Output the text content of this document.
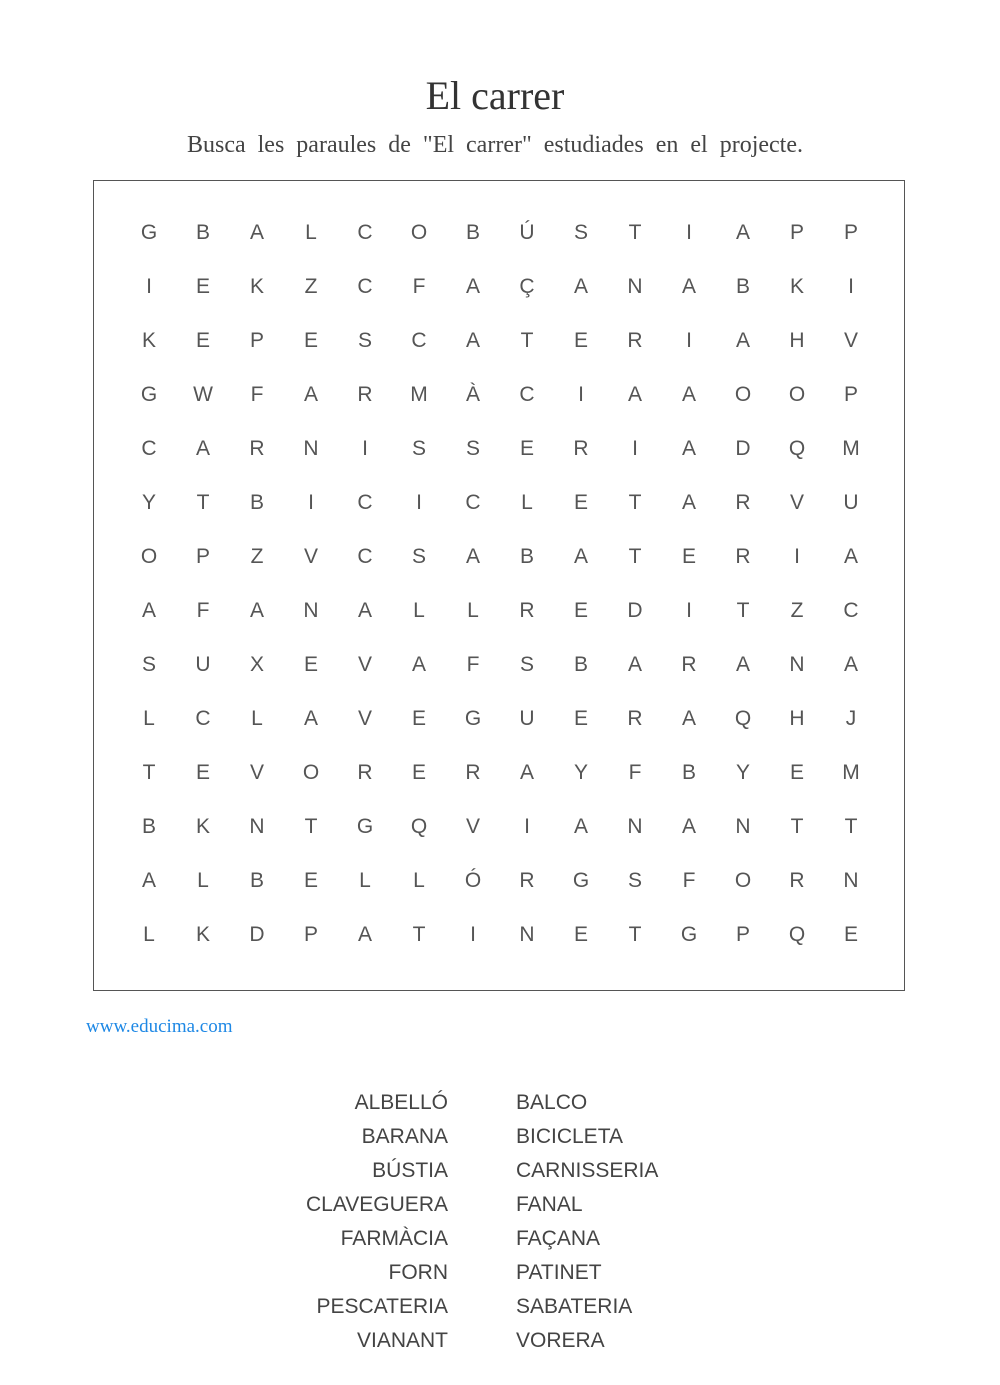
El carrer
Busca les paraules de "El carrer" estudiades en el projecte.
G	B	A	L	C	O	B	Ú	S	T	I	A	P	P
I	E	K	Z	C	F	A	Ç	A	N	A	B	K	I
K	E	P	E	S	C	A	T	E	R	I	A	H	V
G	W	F	A	R	M	À	C	I	A	A	O	O	P
C	A	R	N	I	S	S	E	R	I	A	D	Q	M
Y	T	B	I	C	I	C	L	E	T	A	R	V	U
O	P	Z	V	C	S	A	B	A	T	E	R	I	A
A	F	A	N	A	L	L	R	E	D	I	T	Z	C
S	U	X	E	V	A	F	S	B	A	R	A	N	A
L	C	L	A	V	E	G	U	E	R	A	Q	H	J
T	E	V	O	R	E	R	A	Y	F	B	Y	E	M
B	K	N	T	G	Q	V	I	A	N	A	N	T	T
A	L	B	E	L	L	Ó	R	G	S	F	O	R	N
L	K	D	P	A	T	I	N	E	T	G	P	Q	E
www.educima.com
ALBELLÓ
BARANA
BÚSTIA
CLAVEGUERA
FARMÀCIA
FORN
PESCATERIA
VIANANT
BALCO
BICICLETA
CARNISSERIA
FANAL
FAÇANA
PATINET
SABATERIA
VORERA
